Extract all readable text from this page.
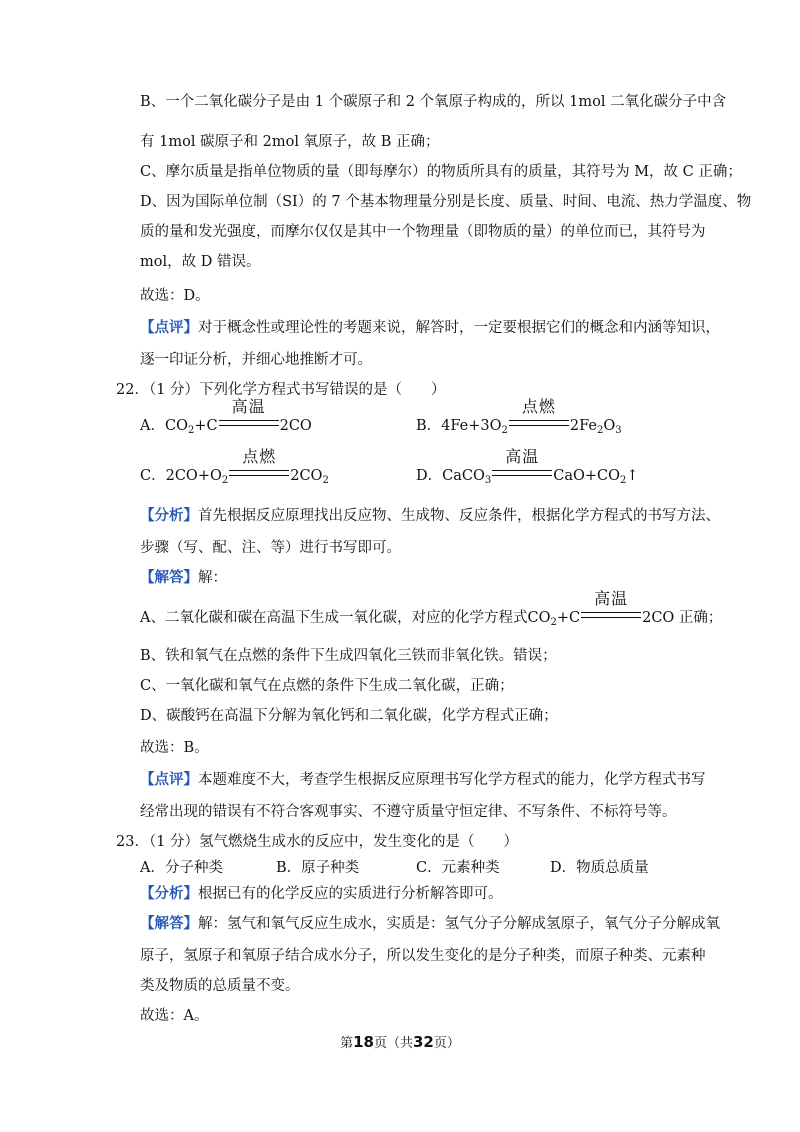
B、一个二氧化碳分子是由 1 个碳原子和 2 个氧原子构成的，所以 1mol 二氧化碳分子中含
有 1mol 碳原子和 2mol 氧原子，故 B 正确；
C、摩尔质量是指单位物质的量（即每摩尔）的物质所具有的质量，其符号为 M，故 C 正确；
D、因为国际单位制（SI）的 7 个基本物理量分别是长度、质量、时间、电流、热力学温度、物
质的量和发光强度，而摩尔仅仅是其中一个物理量（即物质的量）的单位而已，其符号为
mol，故 D 错误。
故选：D。
【点评】对于概念性或理论性的考题来说，解答时，一定要根据它们的概念和内涵等知识，
逐一印证分析，并细心地推断才可。
22．（1 分）下列化学方程式书写错误的是（　　）
A．$CO_2+C$
高温
2CO	B．$4Fe+3O_2$
点燃
$2Fe_2O_3$
C．$2CO+O_2$
点燃
$2CO_2$	D．CaCO$_3$
高温
$CaO+CO_2↑$
【分析】首先根据反应原理找出反应物、生成物、反应条件，根据化学方程式的书写方法、
步骤（写、配、注、等）进行书写即可。
【解答】解：
A、二氧化碳和碳在高温下生成一氧化碳，对应的化学方程式$CO_2+C$
高温
2CO 正确；
B、铁和氧气在点燃的条件下生成四氧化三铁而非氧化铁。错误；
C、一氧化碳和氧气在点燃的条件下生成二氧化碳，正确；
D、碳酸钙在高温下分解为氧化钙和二氧化碳，化学方程式正确；
故选：B。
【点评】本题难度不大，考查学生根据反应原理书写化学方程式的能力，化学方程式书写
经常出现的错误有不符合客观事实、不遵守质量守恒定律、不写条件、不标符号等。
23．（1 分）氢气燃烧生成水的反应中，发生变化的是（　　）
A．分子种类	B．原子种类	C．元素种类	D．物质总质量
【分析】根据已有的化学反应的实质进行分析解答即可。
【解答】解：氢气和氧气反应生成水，实质是：氢气分子分解成氢原子，氧气分子分解成氧
原子，氢原子和氧原子结合成水分子，所以发生变化的是分子种类，而原子种类、元素种
类及物质的总质量不变。
故选：A。
第18页（共32页）
